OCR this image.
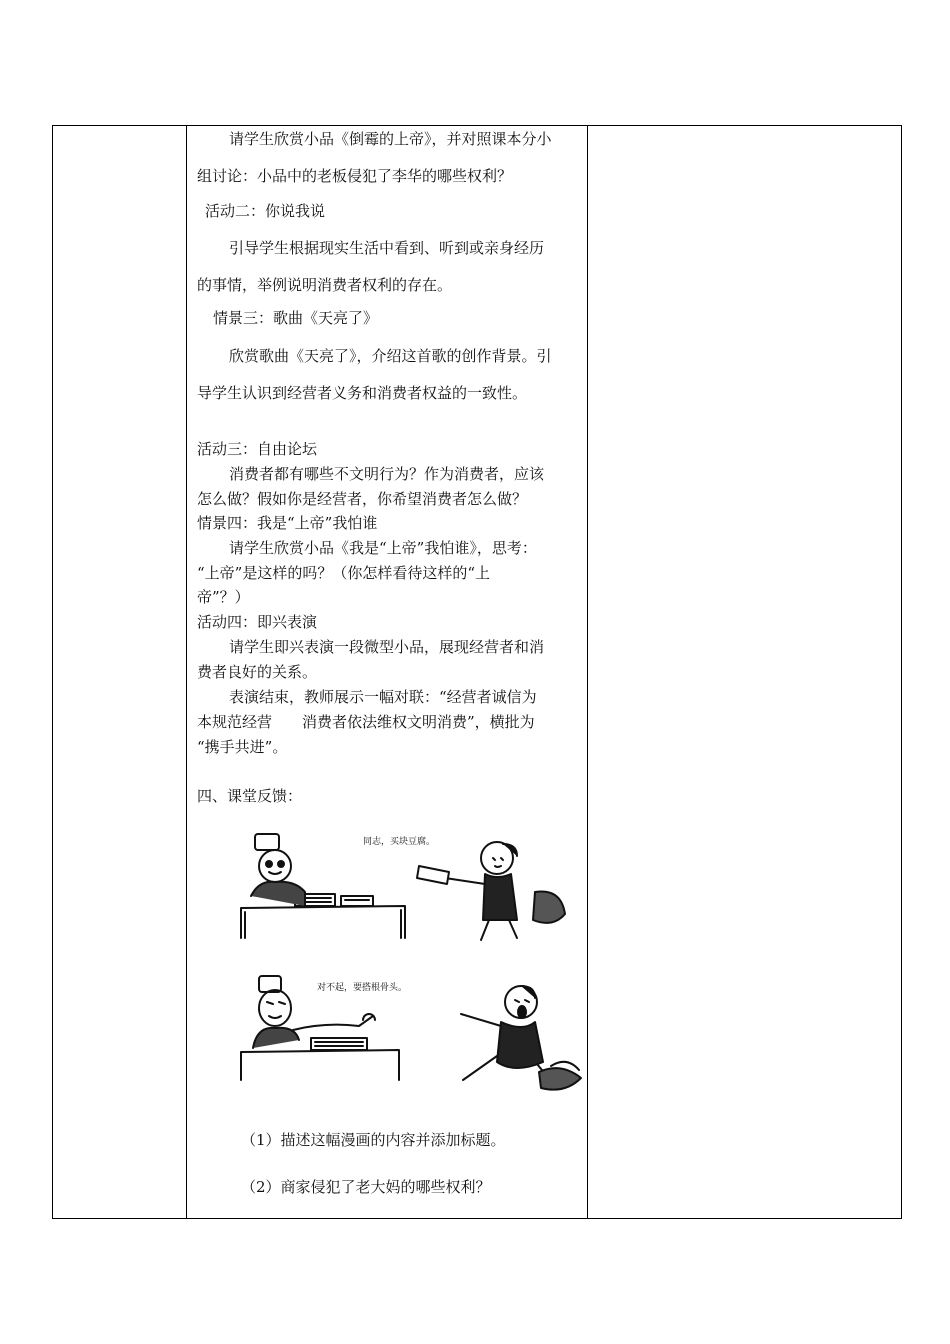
请学生欣赏小品《倒霉的上帝》，并对照课本分小

组讨论：小品中的老板侵犯了李华的哪些权利？

活动二：你说我说

引导学生根据现实生活中看到、听到或亲身经历

的事情，举例说明消费者权利的存在。

情景三：歌曲《天亮了》

欣赏歌曲《天亮了》，介绍这首歌的创作背景。引

导学生认识到经营者义务和消费者权益的一致性。

活动三：自由论坛

消费者都有哪些不文明行为？作为消费者，应该

怎么做？假如你是经营者，你希望消费者怎么做？

情景四：我是“上帝”我怕谁

请学生欣赏小品《我是“上帝”我怕谁》，思考：

“上帝”是这样的吗？（你怎样看待这样的“上

帝”？）

活动四：即兴表演

请学生即兴表演一段微型小品，展现经营者和消

费者良好的关系。

表演结束，教师展示一幅对联：“经营者诚信为

本规范经营　　消费者依法维权文明消费”，横批为

“携手共进”。

四、课堂反馈：

同志，买块豆腐。
对不起，要搭根骨头。

（1）描述这幅漫画的内容并添加标题。

（2）商家侵犯了老大妈的哪些权利？
